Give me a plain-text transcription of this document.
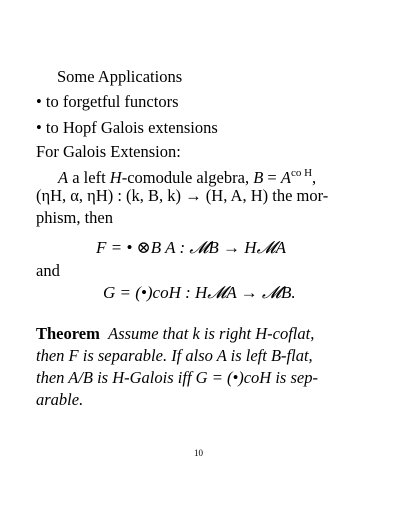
Some Applications
• to forgetful functors
• to Hopf Galois extensions
For Galois Extension:
A a left H-comodule algebra, $B = A^{co H}$,
(ηH, α, ηH) : (k, B, k) → (H, A, H) the mor-
phism, then
F = • ⊗B A : 𝓜B → H𝓜A
and
G = (•)coH : H𝓜A → 𝓜B.
Theorem Assume that k is right H-coflat,
then F is separable. If also A is left B-flat,
then A/B is H-Galois iff G = (•)coH is sep-
arable.
10
